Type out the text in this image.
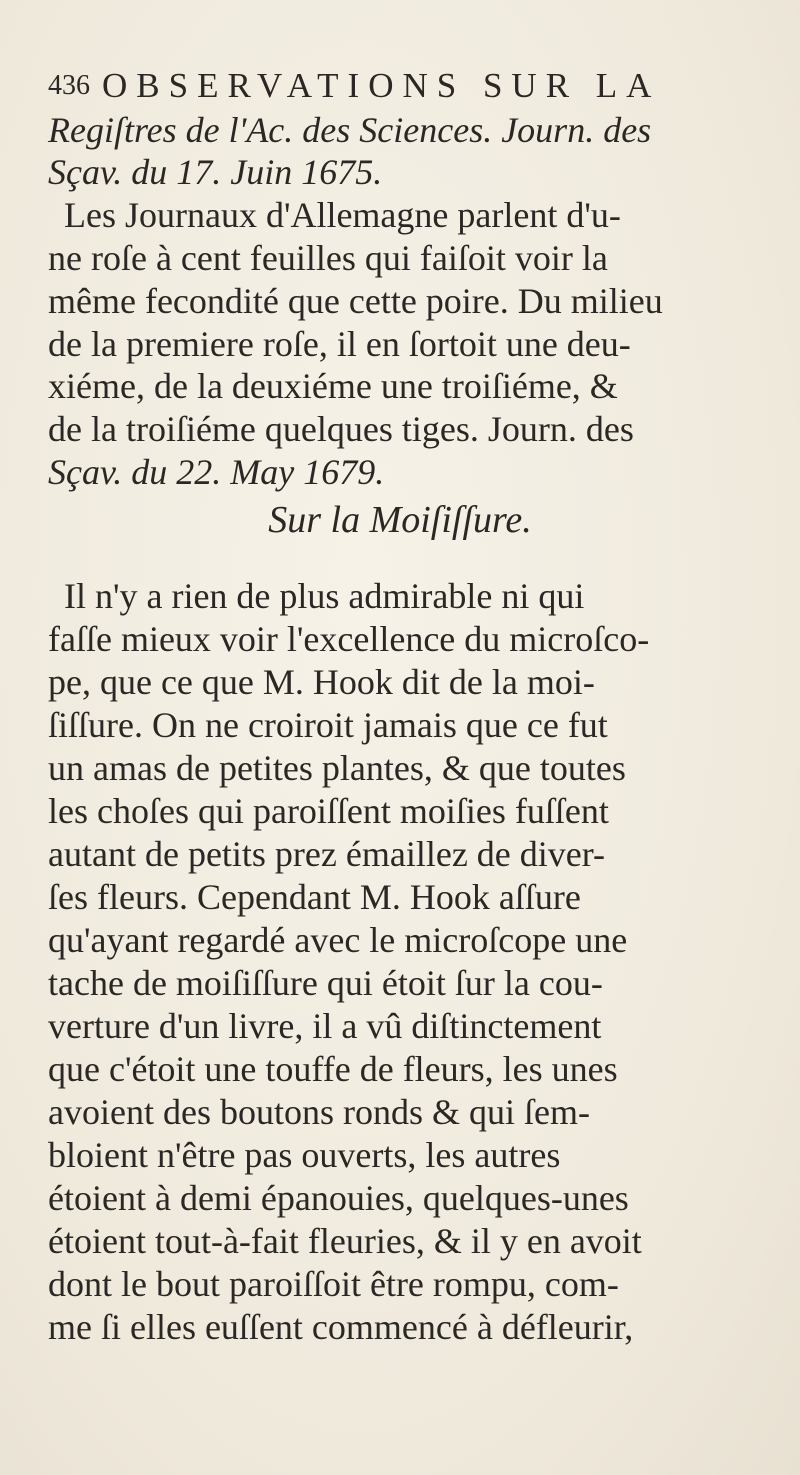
436 OBSERVATIONS SUR LA
Regiſtres de l'Ac. des Sciences. Journ. des
Sçav. du 17. Juin 1675.
Les Journaux d'Allemagne parlent d'u-
ne roſe à cent feuilles qui faiſoit voir la
même fecondité que cette poire. Du milieu
de la premiere roſe, il en ſortoit une deu-
xiéme, de la deuxiéme une troiſiéme, &
de la troiſiéme quelques tiges. Journ. des
Sçav. du 22. May 1679.
Sur la Moiſiſſure.
Il n'y a rien de plus admirable ni qui
faſſe mieux voir l'excellence du microſco-
pe, que ce que M. Hook dit de la moi-
ſiſſure. On ne croiroit jamais que ce fut
un amas de petites plantes, & que toutes
les choſes qui paroiſſent moiſies fuſſent
autant de petits prez émaillez de diver-
ſes fleurs. Cependant M. Hook aſſure
qu'ayant regardé avec le microſcope une
tache de moiſiſſure qui étoit ſur la cou-
verture d'un livre, il a vû diſtinctement
que c'étoit une touffe de fleurs, les unes
avoient des boutons ronds & qui ſem-
bloient n'être pas ouverts, les autres
étoient à demi épanouies, quelques-unes
étoient tout-à-fait fleuries, & il y en avoit
dont le bout paroiſſoit être rompu, com-
me ſi elles euſſent commencé à défleurir,
